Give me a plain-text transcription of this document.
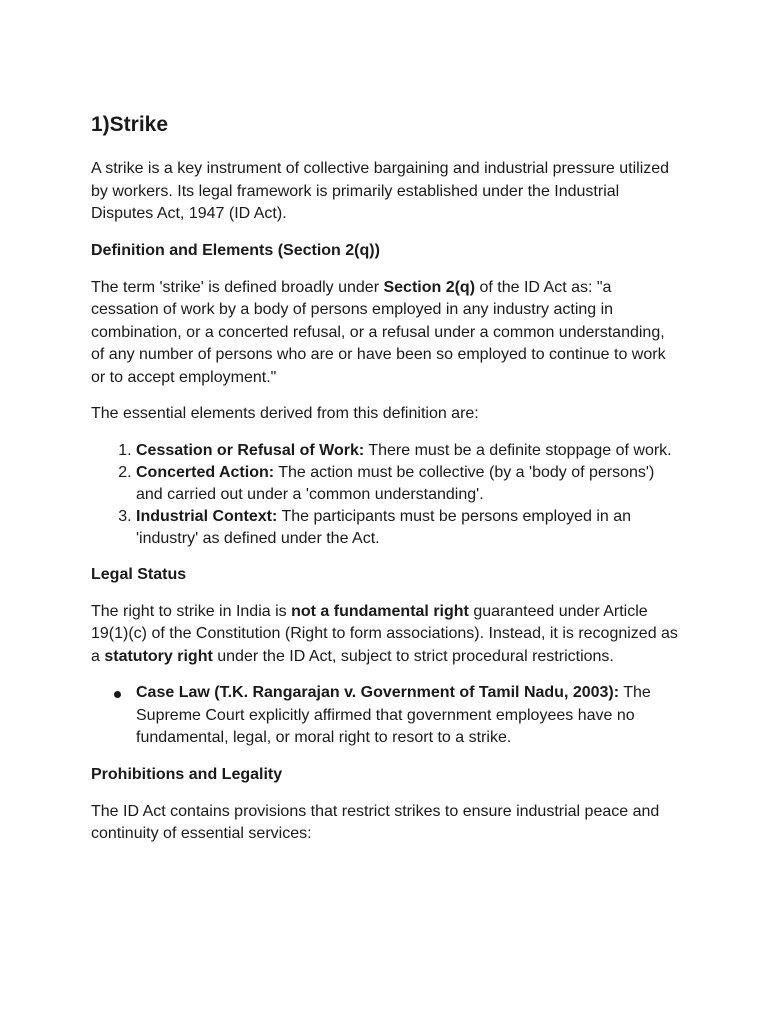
1)Strike

A strike is a key instrument of collective bargaining and industrial pressure utilized by workers. Its legal framework is primarily established under the Industrial Disputes Act, 1947 (ID Act).

Definition and Elements (Section 2(q))

The term 'strike' is defined broadly under Section 2(q) of the ID Act as: "a cessation of work by a body of persons employed in any industry acting in combination, or a concerted refusal, or a refusal under a common understanding, of any number of persons who are or have been so employed to continue to work or to accept employment."

The essential elements derived from this definition are:

1. Cessation or Refusal of Work: There must be a definite stoppage of work.
2. Concerted Action: The action must be collective (by a 'body of persons') and carried out under a 'common understanding'.
3. Industrial Context: The participants must be persons employed in an 'industry' as defined under the Act.
Legal Status

The right to strike in India is not a fundamental right guaranteed under Article 19(1)(c) of the Constitution (Right to form associations). Instead, it is recognized as a statutory right under the ID Act, subject to strict procedural restrictions.

Case Law (T.K. Rangarajan v. Government of Tamil Nadu, 2003): The Supreme Court explicitly affirmed that government employees have no fundamental, legal, or moral right to resort to a strike.
Prohibitions and Legality

The ID Act contains provisions that restrict strikes to ensure industrial peace and continuity of essential services:
